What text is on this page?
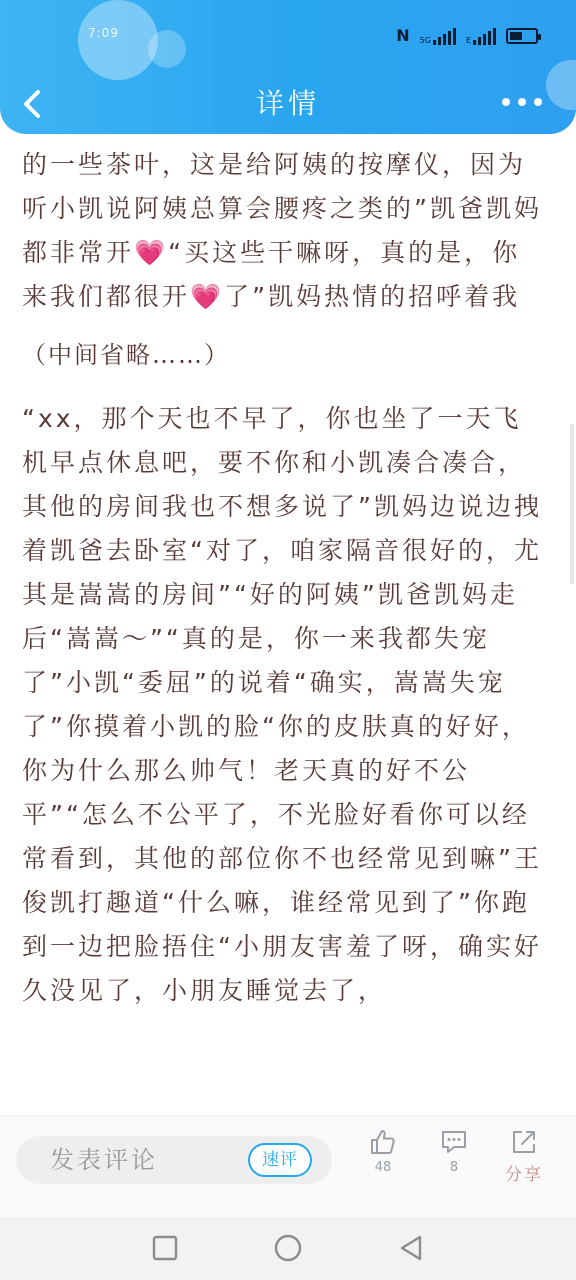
7:09	N 5G	E
详情

的一些茶叶，这是给阿姨的按摩仪，因为听小凯说阿姨总算会腰疼之类的”凯爸凯妈都非常开💗“买这些干嘛呀，真的是，你来我们都很开💗了”凯妈热情的招呼着我

（中间省略……）

“xx，那个天也不早了，你也坐了一天飞机早点休息吧，要不你和小凯凑合凑合，其他的房间我也不想多说了”凯妈边说边拽着凯爸去卧室“对了，咱家隔音很好的，尤其是嵩嵩的房间”“好的阿姨”凯爸凯妈走后“嵩嵩～”“真的是，你一来我都失宠了”小凯“委屈”的说着“确实，嵩嵩失宠了”你摸着小凯的脸“你的皮肤真的好好，你为什么那么帅气！老天真的好不公平”“怎么不公平了，不光脸好看你可以经常看到，其他的部位你不也经常见到嘛”王俊凯打趣道“什么嘛，谁经常见到了”你跑到一边把脸捂住“小朋友害羞了呀，确实好久没见了，小朋友睡觉去了，

发表评论	速评	48	8	分享
